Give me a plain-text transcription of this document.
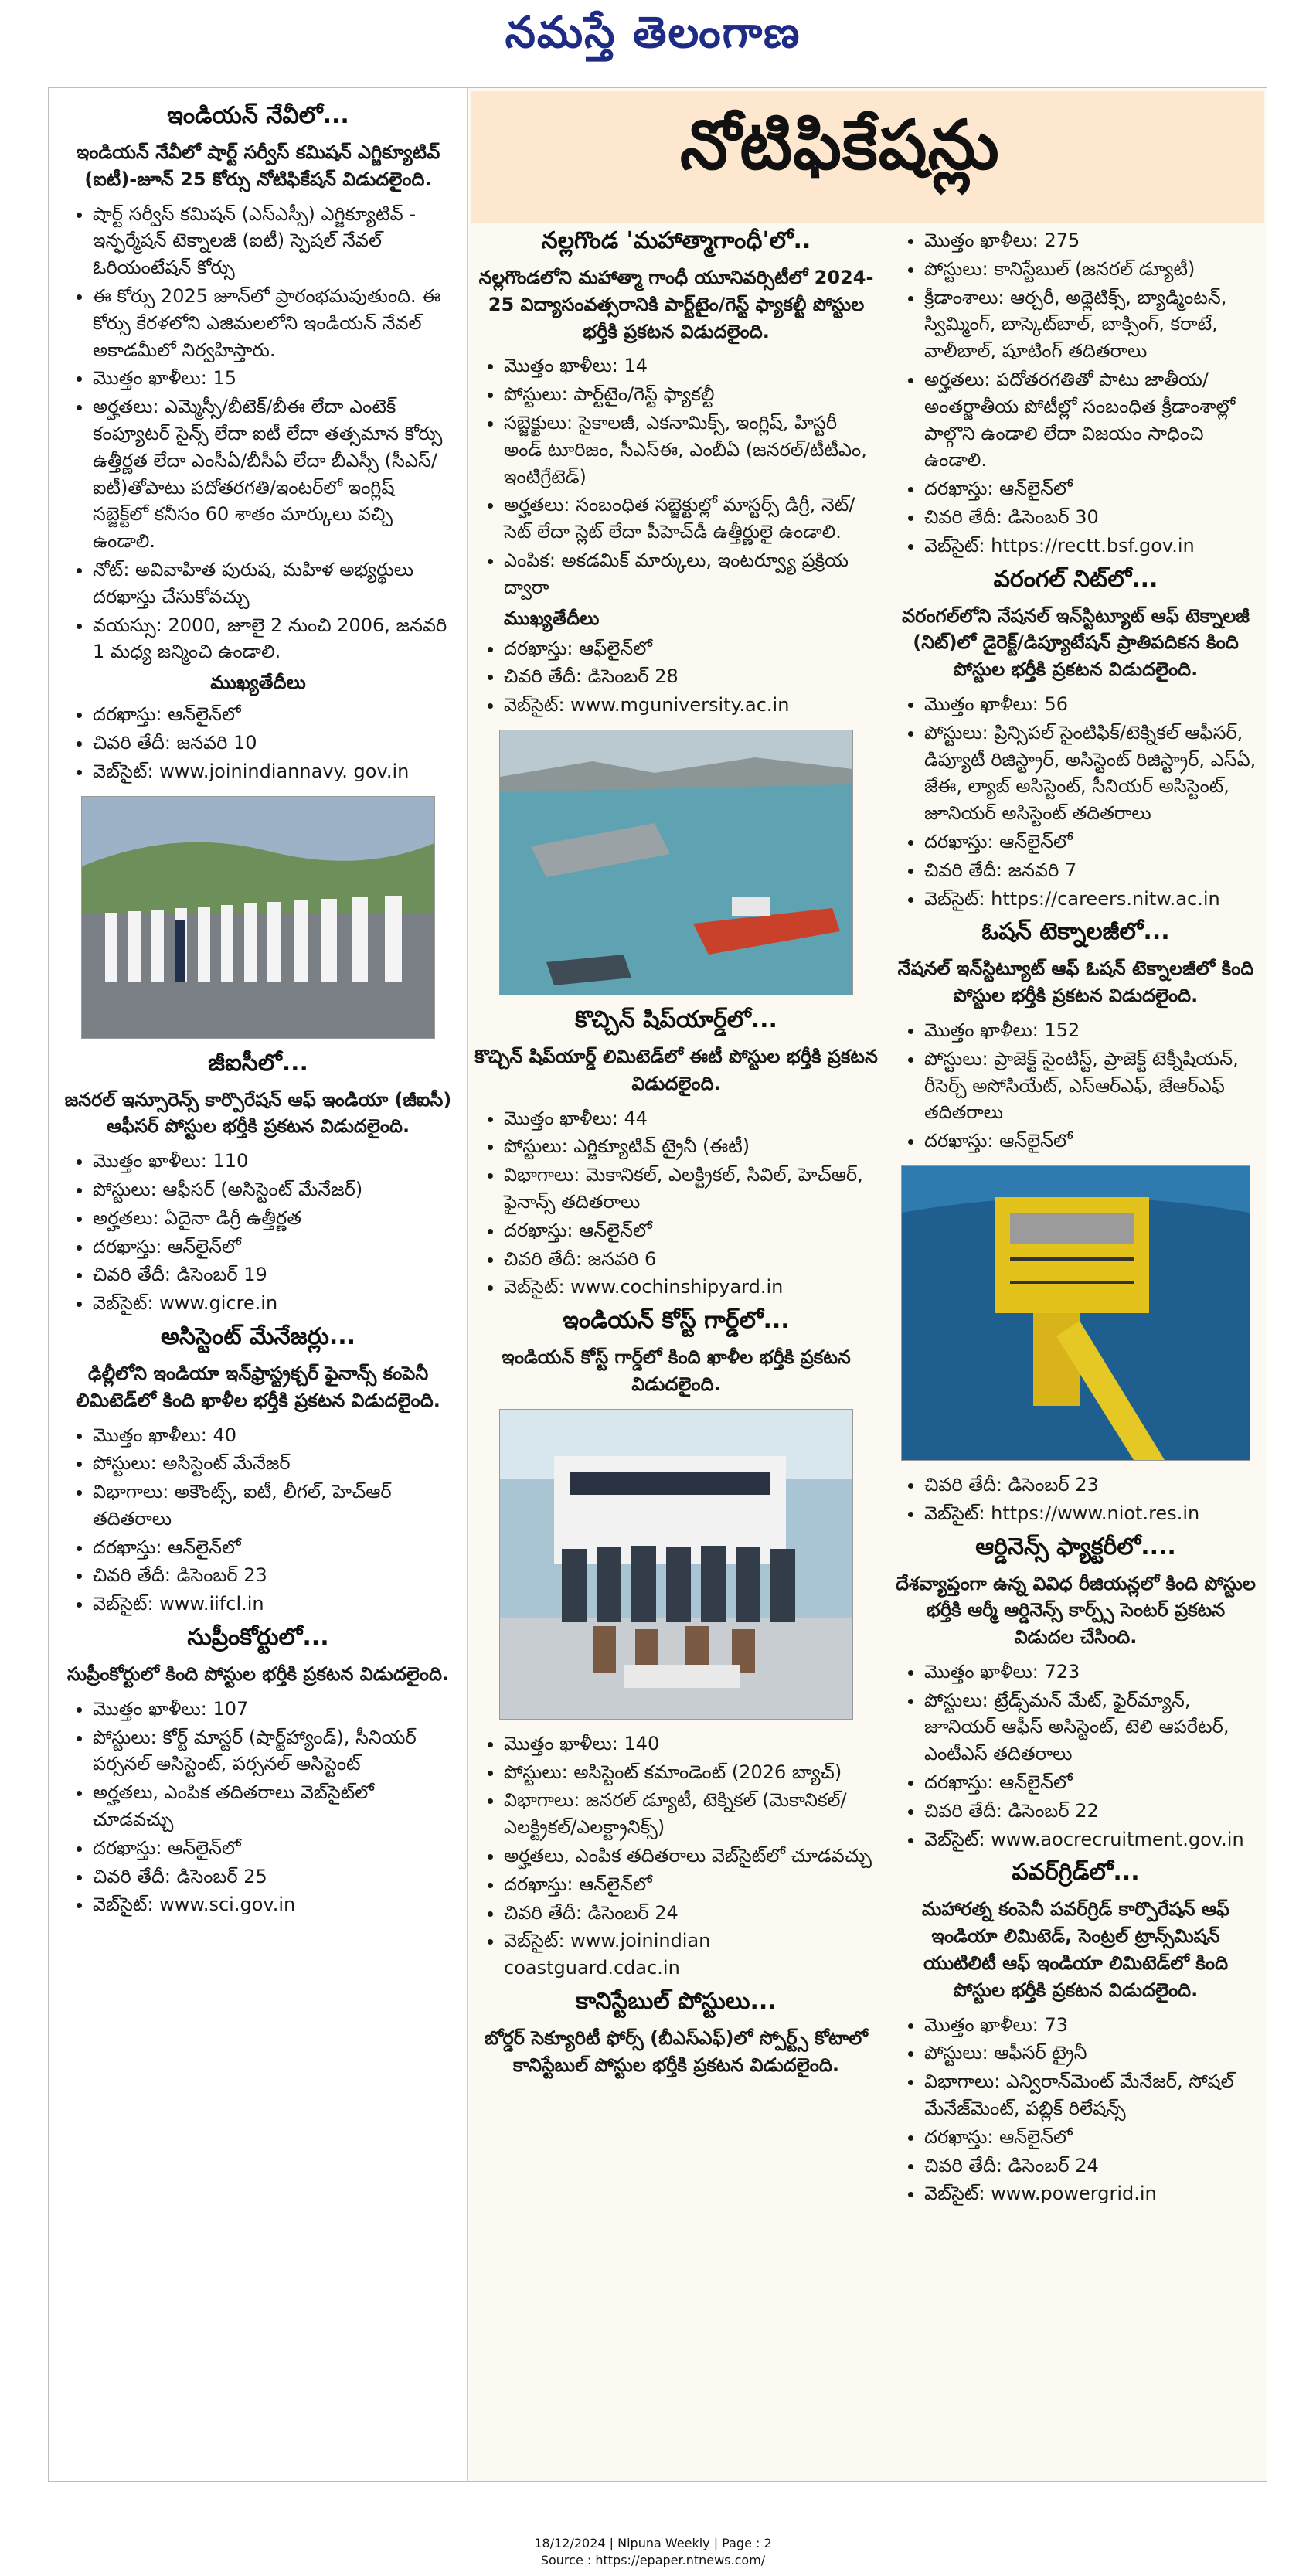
నమస్తే తెలంగాణ
నోటిఫికేషన్లు
ఇండియన్ నేవీలో...

ఇండియన్ నేవీలో షార్ట్ సర్వీస్ కమిషన్ ఎగ్జిక్యూటివ్ (ఐటీ)-జూన్ 25 కోర్సు నోటిఫికేషన్ విడుదలైంది.

• షార్ట్ సర్వీస్ కమిషన్ (ఎస్ఎస్సీ) ఎగ్జిక్యూటివ్ - ఇన్ఫర్మేషన్ టెక్నాలజీ (ఐటీ) స్పెషల్ నేవల్ ఓరియంటేషన్ కోర్సు
• ఈ కోర్సు 2025 జూన్‌లో ప్రారంభమవుతుంది. ఈ కోర్సు కేరళలోని ఎజిమలలోని ఇండియన్ నేవల్ అకాడమీలో నిర్వహిస్తారు.
• మొత్తం ఖాళీలు: 15
• అర్హతలు: ఎమ్మెస్సీ/బీటెక్/బీఈ లేదా ఎంటెక్ కంప్యూటర్ సైన్స్ లేదా ఐటీ లేదా తత్సమాన కోర్సు ఉత్తీర్ణత లేదా ఎంసీఏ/బీసీఏ లేదా బీఎస్సీ (సీఎస్/ఐటీ)తోపాటు పదోతరగతి/ఇంటర్‌లో ఇంగ్లిష్ సబ్జెక్ట్‌లో కనీసం 60 శాతం మార్కులు వచ్చి ఉండాలి.
• నోట్: అవివాహిత పురుష, మహిళ అభ్యర్థులు దరఖాస్తు చేసుకోవచ్చు
• వయస్సు: 2000, జూలై 2 నుంచి 2006, జనవరి 1 మధ్య జన్మించి ఉండాలి.
ముఖ్యతేదీలు
• దరఖాస్తు: ఆన్‌లైన్‌లో
• చివరి తేదీ: జనవరి 10
• వెబ్‌సైట్: www.joinindiannavy. gov.in
జీఐసీలో...

జనరల్ ఇన్సూరెన్స్ కార్పొరేషన్ ఆఫ్ ఇండియా (జీఐసీ) ఆఫీసర్ పోస్టుల భర్తీకి ప్రకటన విడుదలైంది.

• మొత్తం ఖాళీలు: 110
• పోస్టులు: ఆఫీసర్ (అసిస్టెంట్ మేనేజర్)
• అర్హతలు: ఏదైనా డిగ్రీ ఉత్తీర్ణత
• దరఖాస్తు: ఆన్‌లైన్‌లో
• చివరి తేదీ: డిసెంబర్ 19
• వెబ్‌సైట్: www.gicre.in
అసిస్టెంట్ మేనేజర్లు...

ఢిల్లీలోని ఇండియా ఇన్‌ఫ్రాస్ట్రక్చర్ ఫైనాన్స్ కంపెనీ లిమిటెడ్‌లో కింది ఖాళీల భర్తీకి ప్రకటన విడుదలైంది.

• మొత్తం ఖాళీలు: 40
• పోస్టులు: అసిస్టెంట్ మేనేజర్
• విభాగాలు: అకౌంట్స్, ఐటీ, లీగల్, హెచ్ఆర్ తదితరాలు
• దరఖాస్తు: ఆన్‌లైన్‌లో
• చివరి తేదీ: డిసెంబర్ 23
• వెబ్‌సైట్: www.iifcl.in
సుప్రీంకోర్టులో...

సుప్రీంకోర్టులో కింది పోస్టుల భర్తీకి ప్రకటన విడుదలైంది.

• మొత్తం ఖాళీలు: 107
• పోస్టులు: కోర్ట్ మాస్టర్ (షార్ట్‌హ్యాండ్), సీనియర్ పర్సనల్ అసిస్టెంట్, పర్సనల్ అసిస్టెంట్
• అర్హతలు, ఎంపిక తదితరాలు వెబ్‌సైట్‌లో చూడవచ్చు
• దరఖాస్తు: ఆన్‌లైన్‌లో
• చివరి తేదీ: డిసెంబర్ 25
• వెబ్‌సైట్: www.sci.gov.in
నల్లగొండ 'మహాత్మాగాంధీ'లో..

నల్లగొండలోని మహాత్మా గాంధీ యూనివర్సిటీలో 2024-25 విద్యాసంవత్సరానికి పార్ట్‌టైం/గెస్ట్ ఫ్యాకల్టీ పోస్టుల భర్తీకి ప్రకటన విడుదలైంది.

• మొత్తం ఖాళీలు: 14
• పోస్టులు: పార్ట్‌టైం/గెస్ట్ ఫ్యాకల్టీ
• సబ్జెక్టులు: సైకాలజీ, ఎకనామిక్స్, ఇంగ్లిష్, హిస్టరీ అండ్ టూరిజం, సీఎస్ఈ, ఎంబీఏ (జనరల్/టీటీఎం, ఇంటిగ్రేటెడ్)
• అర్హతలు: సంబంధిత సబ్జెక్టుల్లో మాస్టర్స్ డిగ్రీ, నెట్/సెట్ లేదా స్లెట్ లేదా పీహెచ్‌డీ ఉత్తీర్ణులై ఉండాలి.
• ఎంపిక: అకడమిక్ మార్కులు, ఇంటర్వ్యూ ప్రక్రియ ద్వారా
ముఖ్యతేదీలు
• దరఖాస్తు: ఆఫ్‌లైన్‌లో
• చివరి తేదీ: డిసెంబర్ 28
• వెబ్‌సైట్: www.mguniversity.ac.in
కొచ్చిన్ షిప్‌యార్డ్‌లో...

కొచ్చిన్ షిప్‌యార్డ్ లిమిటెడ్‌లో ఈటీ పోస్టుల భర్తీకి ప్రకటన విడుదలైంది.

• మొత్తం ఖాళీలు: 44
• పోస్టులు: ఎగ్జిక్యూటివ్ ట్రైనీ (ఈటీ)
• విభాగాలు: మెకానికల్, ఎలక్ట్రికల్, సివిల్, హెచ్ఆర్, ఫైనాన్స్ తదితరాలు
• దరఖాస్తు: ఆన్‌లైన్‌లో
• చివరి తేదీ: జనవరి 6
• వెబ్‌సైట్: www.cochinshipyard.in
ఇండియన్ కోస్ట్ గార్డ్‌లో...

ఇండియన్ కోస్ట్ గార్డ్‌లో కింది ఖాళీల భర్తీకి ప్రకటన విడుదలైంది.

• మొత్తం ఖాళీలు: 140
• పోస్టులు: అసిస్టెంట్ కమాండెంట్ (2026 బ్యాచ్)
• విభాగాలు: జనరల్ డ్యూటీ, టెక్నికల్ (మెకానికల్/ఎలక్ట్రికల్/ఎలక్ట్రానిక్స్)
• అర్హతలు, ఎంపిక తదితరాలు వెబ్‌సైట్‌లో చూడవచ్చు
• దరఖాస్తు: ఆన్‌లైన్‌లో
• చివరి తేదీ: డిసెంబర్ 24
• వెబ్‌సైట్: www.joinindian coastguard.cdac.in
కానిస్టేబుల్ పోస్టులు...

బోర్డర్ సెక్యూరిటీ ఫోర్స్ (బీఎస్ఎఫ్)లో స్పోర్ట్స్ కోటాలో కానిస్టేబుల్ పోస్టుల భర్తీకి ప్రకటన విడుదలైంది.

• మొత్తం ఖాళీలు: 275
• పోస్టులు: కానిస్టేబుల్ (జనరల్ డ్యూటీ)
• క్రీడాంశాలు: ఆర్చరీ, అథ్లెటిక్స్, బ్యాడ్మింటన్, స్విమ్మింగ్, బాస్కెట్‌బాల్, బాక్సింగ్, కరాటే, వాలీబాల్, షూటింగ్ తదితరాలు
• అర్హతలు: పదోతరగతితో పాటు జాతీయ/అంతర్జాతీయ పోటీల్లో సంబంధిత క్రీడాంశాల్లో పాల్గొని ఉండాలి లేదా విజయం సాధించి ఉండాలి.
• దరఖాస్తు: ఆన్‌లైన్‌లో
• చివరి తేదీ: డిసెంబర్ 30
• వెబ్‌సైట్: https://rectt.bsf.gov.in
వరంగల్ నిట్‌లో...

వరంగల్‌లోని నేషనల్ ఇన్‌స్టిట్యూట్ ఆఫ్ టెక్నాలజీ (నిట్)లో డైరెక్ట్/డిప్యూటేషన్ ప్రాతిపదికన కింది పోస్టుల భర్తీకి ప్రకటన విడుదలైంది.

• మొత్తం ఖాళీలు: 56
• పోస్టులు: ప్రిన్సిపల్ సైంటిఫిక్/టెక్నికల్ ఆఫీసర్, డిప్యూటీ రిజిస్ట్రార్, అసిస్టెంట్ రిజిస్ట్రార్, ఎస్ఏ, జేఈ, ల్యాబ్ అసిస్టెంట్, సీనియర్ అసిస్టెంట్, జూనియర్ అసిస్టెంట్ తదితరాలు
• దరఖాస్తు: ఆన్‌లైన్‌లో
• చివరి తేదీ: జనవరి 7
• వెబ్‌సైట్: https://careers.nitw.ac.in
ఓషన్ టెక్నాలజీలో...

నేషనల్ ఇన్‌స్టిట్యూట్ ఆఫ్ ఓషన్ టెక్నాలజీలో కింది పోస్టుల భర్తీకి ప్రకటన విడుదలైంది.

• మొత్తం ఖాళీలు: 152
• పోస్టులు: ప్రాజెక్ట్ సైంటిస్ట్, ప్రాజెక్ట్ టెక్నీషియన్, రీసెర్చ్ అసోసియేట్, ఎస్ఆర్ఎఫ్, జేఆర్ఎఫ్ తదితరాలు
• దరఖాస్తు: ఆన్‌లైన్‌లో
• చివరి తేదీ: డిసెంబర్ 23
• వెబ్‌సైట్: https://www.niot.res.in
ఆర్డినెన్స్ ఫ్యాక్టరీలో....

దేశవ్యాప్తంగా ఉన్న వివిధ రీజియన్లలో కింది పోస్టుల భర్తీకి ఆర్మీ ఆర్డినెన్స్ కార్ప్స్ సెంటర్ ప్రకటన విడుదల చేసింది.

• మొత్తం ఖాళీలు: 723
• పోస్టులు: ట్రేడ్స్‌మన్ మేట్, ఫైర్‌మ్యాన్, జూనియర్ ఆఫీస్ అసిస్టెంట్, టెలి ఆపరేటర్, ఎంటీఎస్ తదితరాలు
• దరఖాస్తు: ఆన్‌లైన్‌లో
• చివరి తేదీ: డిసెంబర్ 22
• వెబ్‌సైట్: www.aocrecruitment.gov.in
పవర్‌గ్రిడ్‌లో...

మహారత్న కంపెనీ పవర్‌గ్రిడ్ కార్పొరేషన్ ఆఫ్ ఇండియా లిమిటెడ్, సెంట్రల్ ట్రాన్స్‌మిషన్ యుటిలిటీ ఆఫ్ ఇండియా లిమిటెడ్‌లో కింది పోస్టుల భర్తీకి ప్రకటన విడుదలైంది.

• మొత్తం ఖాళీలు: 73
• పోస్టులు: ఆఫీసర్ ట్రైనీ
• విభాగాలు: ఎన్విరాన్‌మెంట్ మేనేజర్, సోషల్ మేనేజ్‌మెంట్, పబ్లిక్ రిలేషన్స్
• దరఖాస్తు: ఆన్‌లైన్‌లో
• చివరి తేదీ: డిసెంబర్ 24
• వెబ్‌సైట్: www.powergrid.in
18/12/2024 | Nipuna Weekly | Page : 2
Source : https://epaper.ntnews.com/
